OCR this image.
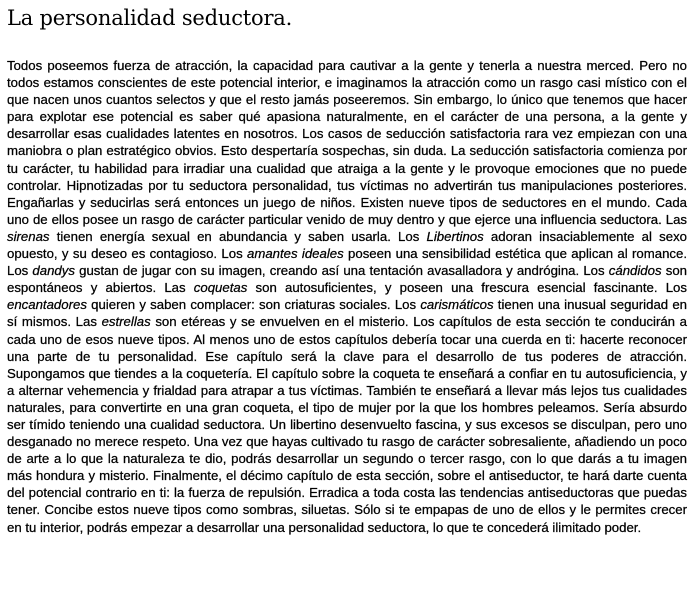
La personalidad seductora.

Todos poseemos fuerza de atracción, la capacidad para cautivar a la gente y tenerla a nuestra merced. Pero no todos estamos conscientes de este potencial interior, e imaginamos la atracción como un rasgo casi místico con el que nacen unos cuantos selectos y que el resto jamás poseeremos. Sin embargo, lo único que tenemos que hacer para explotar ese potencial es saber qué apasiona naturalmente, en el carácter de una persona, a la gente y desarrollar esas cualidades latentes en nosotros. Los casos de seducción satisfactoria rara vez empiezan con una maniobra o plan estratégico obvios. Esto despertaría sospechas, sin duda. La seducción satisfactoria comienza por tu carácter, tu habilidad para irradiar una cualidad que atraiga a la gente y le provoque emociones que no puede controlar. Hipnotizadas por tu seductora personalidad, tus víctimas no advertirán tus manipulaciones posteriores. Engañarlas y seducirlas será entonces un juego de niños. Existen nueve tipos de seductores en el mundo. Cada uno de ellos posee un rasgo de carácter particular venido de muy dentro y que ejerce una influencia seductora. Las sirenas tienen energía sexual en abundancia y saben usarla. Los Libertinos adoran insaciablemente al sexo opuesto, y su deseo es contagioso. Los amantes ideales poseen una sensibilidad estética que aplican al romance. Los dandys gustan de jugar con su imagen, creando así una tentación avasalladora y andrógina. Los cándidos son espontáneos y abiertos. Las coquetas son autosuficientes, y poseen una frescura esencial fascinante. Los encantadores quieren y saben complacer: son criaturas sociales. Los carismáticos tienen una inusual seguridad en sí mismos. Las estrellas son etéreas y se envuelven en el misterio. Los capítulos de esta sección te conducirán a cada uno de esos nueve tipos. Al menos uno de estos capítulos debería tocar una cuerda en ti: hacerte reconocer una parte de tu personalidad. Ese capítulo será la clave para el desarrollo de tus poderes de atracción. Supongamos que tiendes a la coquetería. El capítulo sobre la coqueta te enseñará a confiar en tu autosuficiencia, y a alternar vehemencia y frialdad para atrapar a tus víctimas. También te enseñará a llevar más lejos tus cualidades naturales, para convertirte en una gran coqueta, el tipo de mujer por la que los hombres peleamos. Sería absurdo ser tímido teniendo una cualidad seductora. Un libertino desenvuelto fascina, y sus excesos se disculpan, pero uno desganado no merece respeto. Una vez que hayas cultivado tu rasgo de carácter sobresaliente, añadiendo un poco de arte a lo que la naturaleza te dio, podrás desarrollar un segundo o tercer rasgo, con lo que darás a tu imagen más hondura y misterio. Finalmente, el décimo capítulo de esta sección, sobre el antiseductor, te hará darte cuenta del potencial contrario en ti: la fuerza de repulsión. Erradica a toda costa las tendencias antiseductoras que puedas tener. Concibe estos nueve tipos como sombras, siluetas. Sólo si te empapas de uno de ellos y le permites crecer en tu interior, podrás empezar a desarrollar una personalidad seductora, lo que te concederá ilimitado poder.
